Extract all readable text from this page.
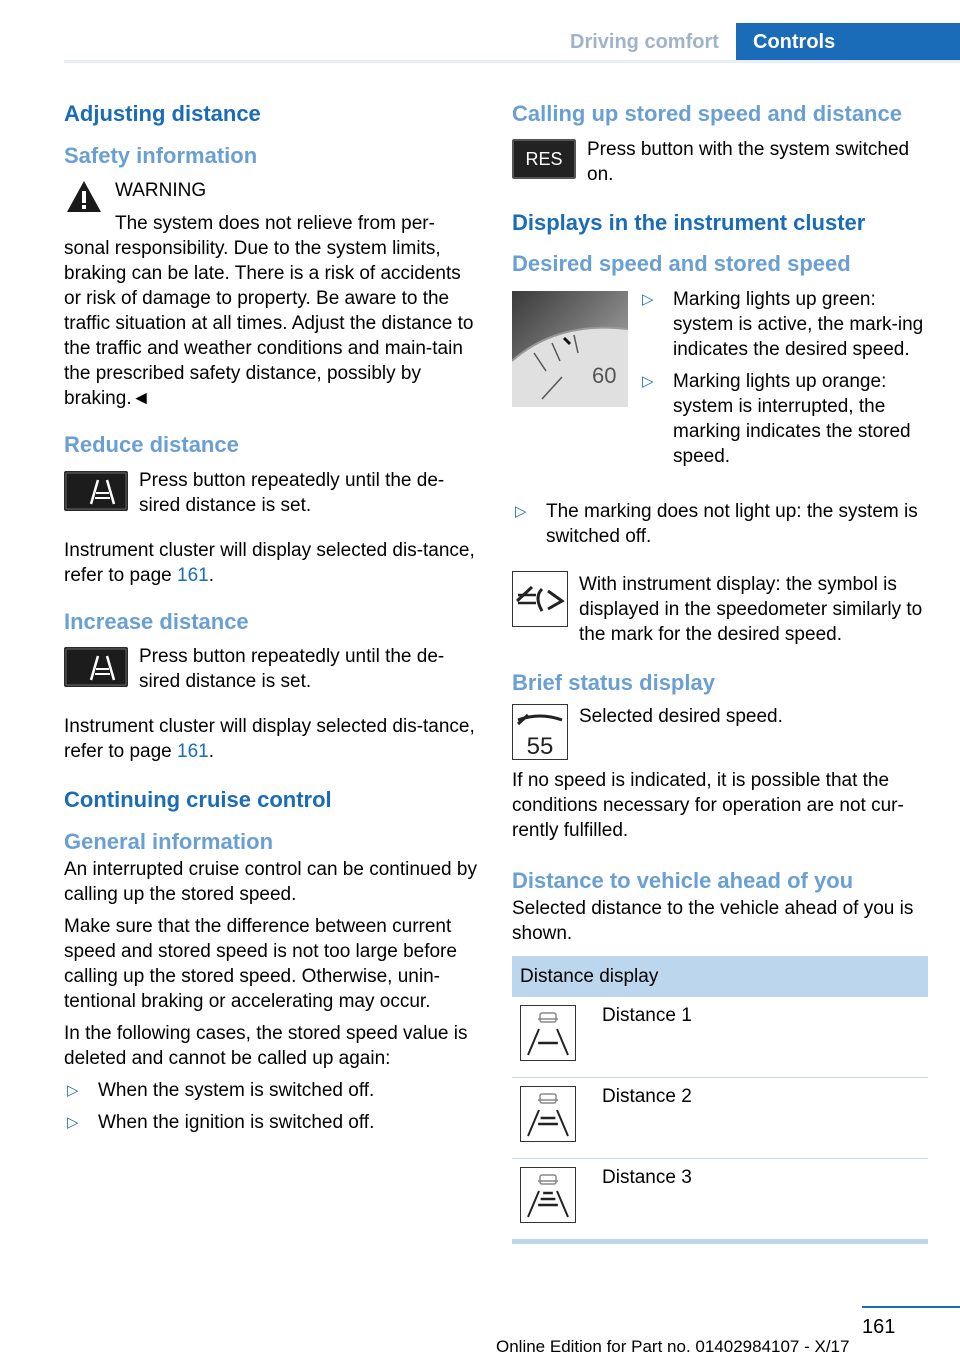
Driving comfort	Controls
Adjusting distance
Safety information
WARNING
The system does not relieve from per-
sonal responsibility. Due to the system limits, braking can be late. There is a risk of accidents or risk of damage to property. Be aware to the traffic situation at all times. Adjust the distance to the traffic and weather conditions and main-tain the prescribed safety distance, possibly by braking.◄
Reduce distance
Press button repeatedly until the de-sired distance is set.

Instrument cluster will display selected dis-tance, refer to page 161.

Increase distance
Press button repeatedly until the de-sired distance is set.

Instrument cluster will display selected dis-tance, refer to page 161.

Continuing cruise control
General information

An interrupted cruise control can be continued by calling up the stored speed.

Make sure that the difference between current speed and stored speed is not too large before calling up the stored speed. Otherwise, unin-tentional braking or accelerating may occur.

In the following cases, the stored speed value is deleted and cannot be called up again:

▷ When the system is switched off.
▷ When the ignition is switched off.
Calling up stored speed and distance
RES	Press button with the system switched on.
Displays in the instrument cluster
Desired speed and stored speed
60
▷ Marking lights up green: system is active, the mark-ing indicates the desired speed.
▷ Marking lights up orange: system is interrupted, the marking indicates the stored speed.
▷ The marking does not light up: the system is switched off.
With instrument display: the symbol is displayed in the speedometer similarly to the mark for the desired speed.
Brief status display
55
Selected desired speed.

If no speed is indicated, it is possible that the conditions necessary for operation are not cur-rently fulfilled.

Distance to vehicle ahead of you

Selected distance to the vehicle ahead of you is shown.

Distance display	
	Distance 1
	Distance 2
	Distance 3
161
Online Edition for Part no. 01402984107 - X/17
